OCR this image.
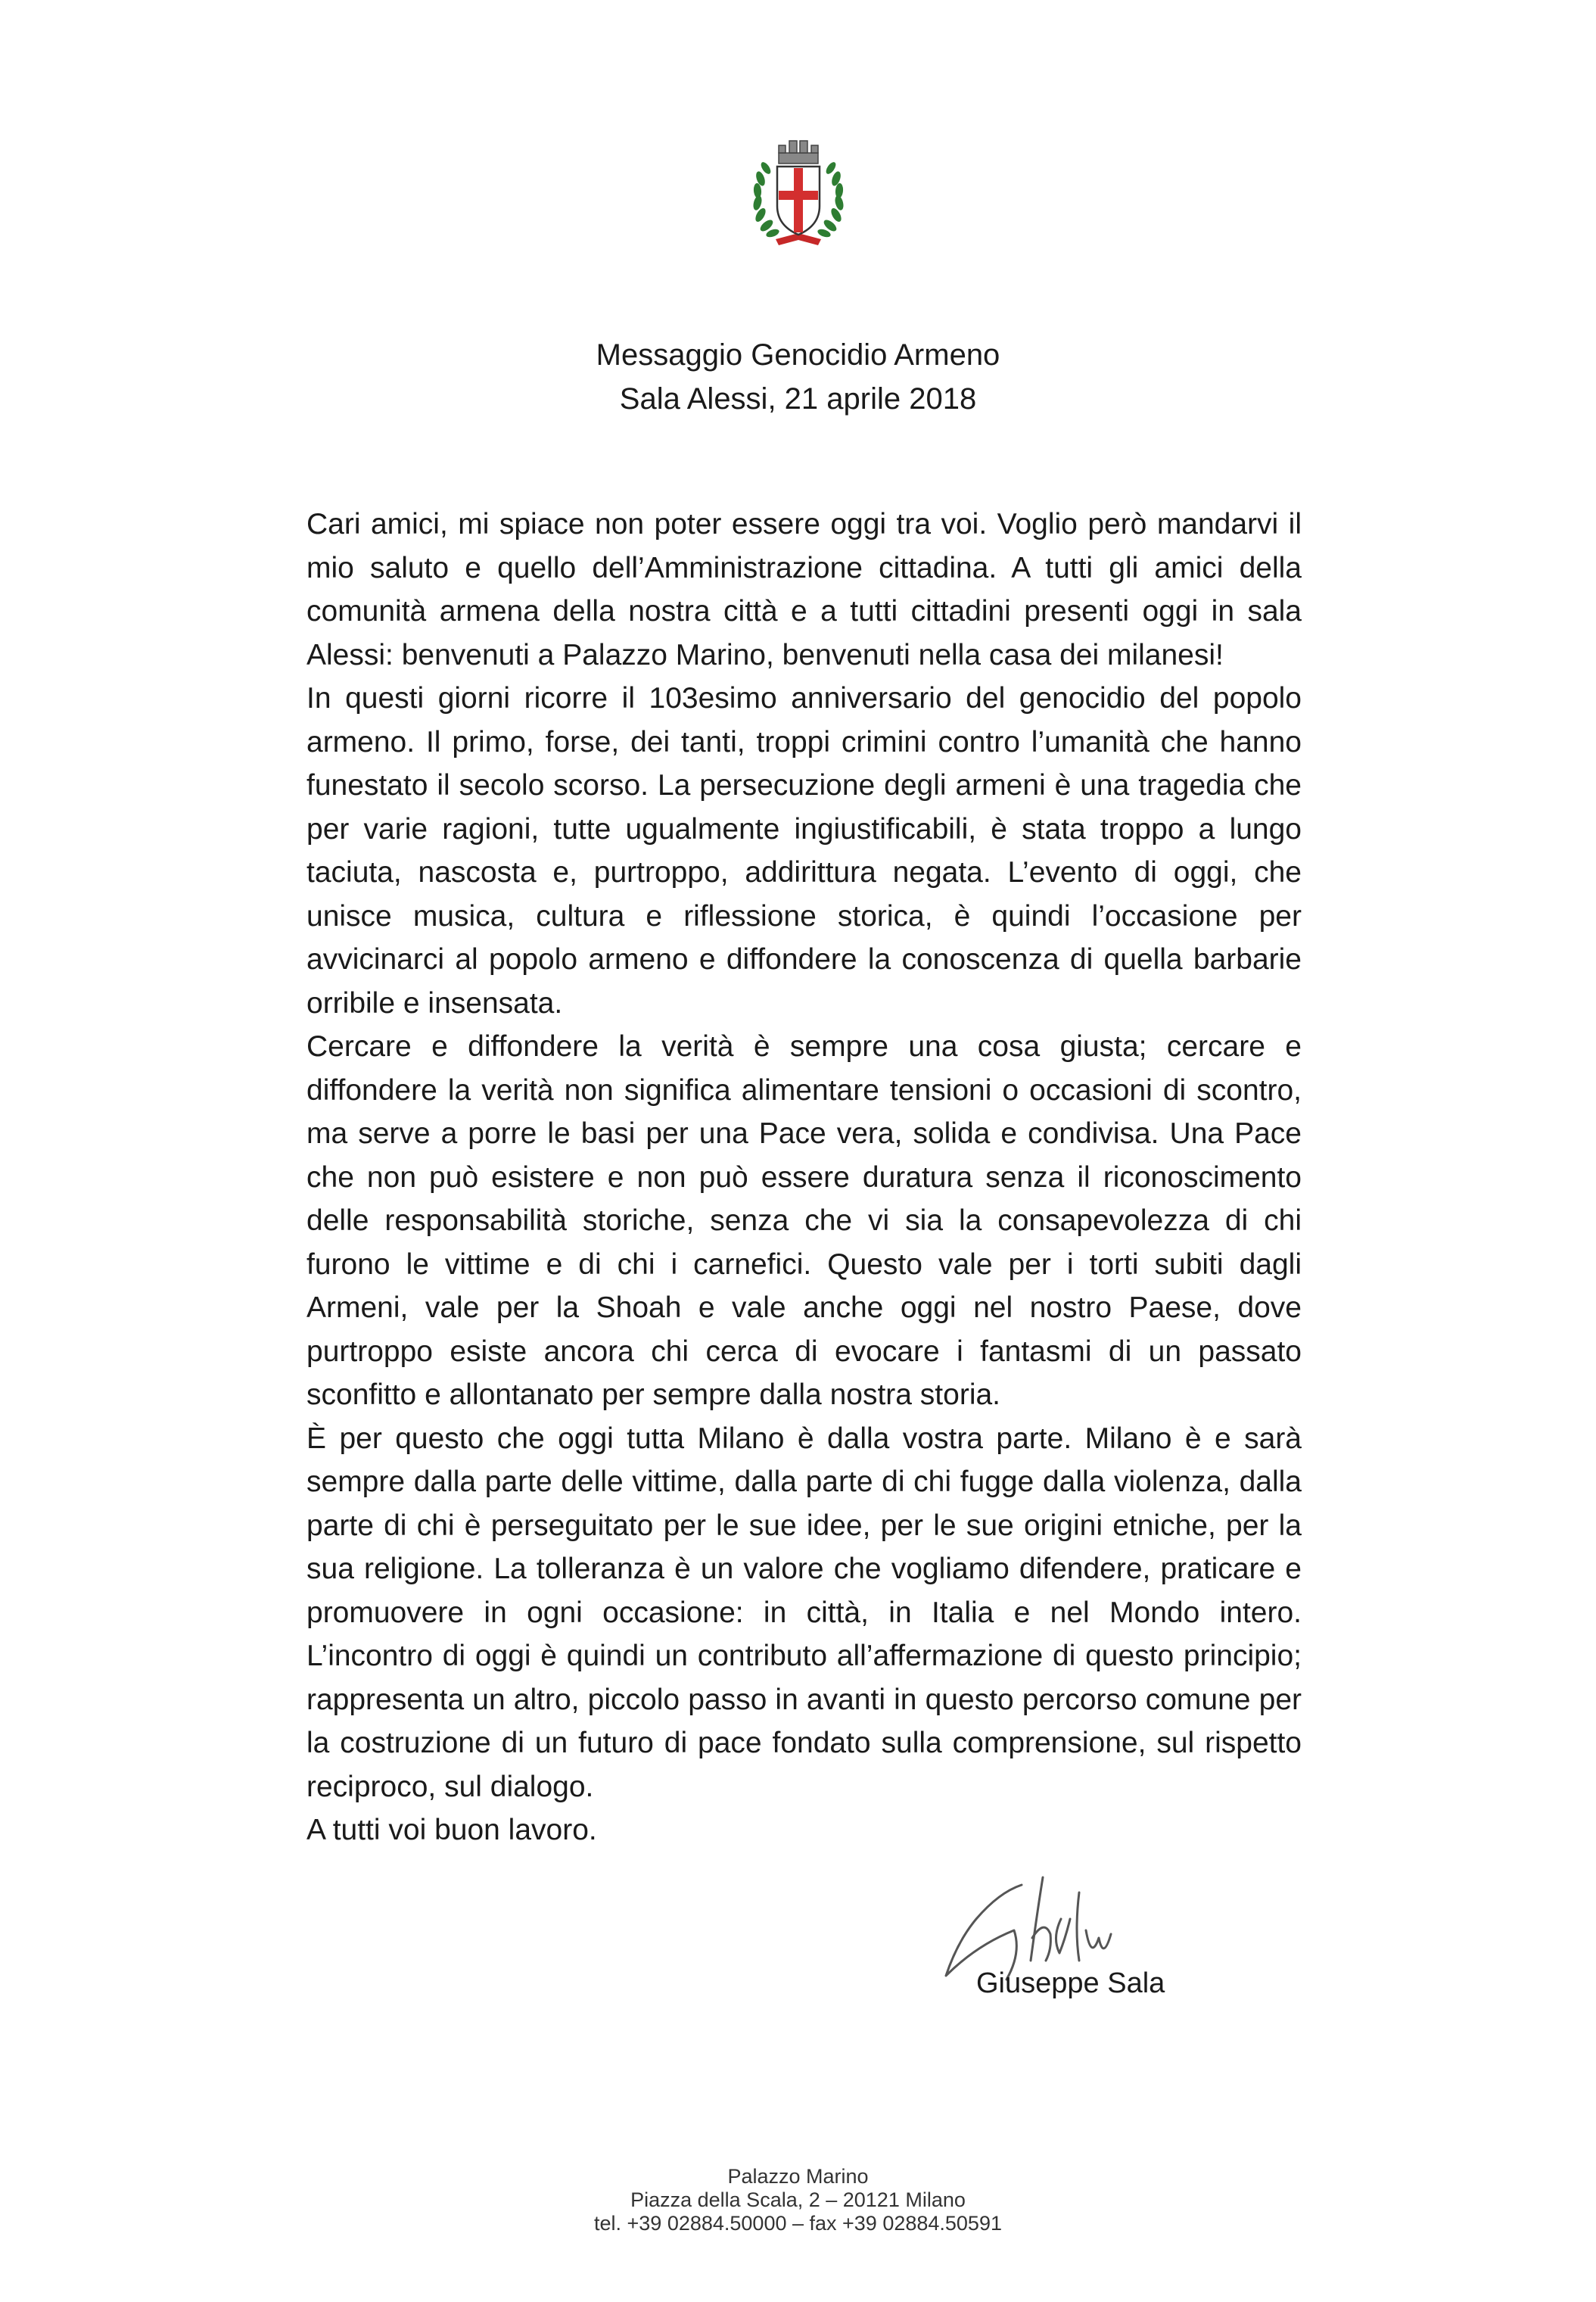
Messaggio Genocidio Armeno
Sala Alessi, 21 aprile 2018

Cari amici, mi spiace non poter essere oggi tra voi. Voglio però mandarvi il mio saluto e quello dell’Amministrazione cittadina. A tutti gli amici della comunità armena della nostra città e a tutti cittadini presenti oggi in sala Alessi: benvenuti a Palazzo Marino, benvenuti nella casa dei milanesi!

In questi giorni ricorre il 103esimo anniversario del genocidio del popolo armeno. Il primo, forse, dei tanti, troppi crimini contro l’umanità che hanno funestato il secolo scorso. La persecuzione degli armeni è una tragedia che per varie ragioni, tutte ugualmente ingiustificabili, è stata troppo a lungo taciuta, nascosta e, purtroppo, addirittura negata. L’evento di oggi, che unisce musica, cultura e riflessione storica, è quindi l’occasione per avvicinarci al popolo armeno e diffondere la conoscenza di quella barbarie orribile e insensata.

Cercare e diffondere la verità è sempre una cosa giusta; cercare e diffondere la verità non significa alimentare tensioni o occasioni di scontro, ma serve a porre le basi per una Pace vera, solida e condivisa. Una Pace che non può esistere e non può essere duratura senza il riconoscimento delle responsabilità storiche, senza che vi sia la consapevolezza di chi furono le vittime e di chi i carnefici. Questo vale per i torti subiti dagli Armeni, vale per la Shoah e vale anche oggi nel nostro Paese, dove purtroppo esiste ancora chi cerca di evocare i fantasmi di un passato sconfitto e allontanato per sempre dalla nostra storia.

È per questo che oggi tutta Milano è dalla vostra parte. Milano è e sarà sempre dalla parte delle vittime, dalla parte di chi fugge dalla violenza, dalla parte di chi è perseguitato per le sue idee, per le sue origini etniche, per la sua religione. La tolleranza è un valore che vogliamo difendere, praticare e promuovere in ogni occasione: in città, in Italia e nel Mondo intero. L’incontro di oggi è quindi un contributo all’affermazione di questo principio; rappresenta un altro, piccolo passo in avanti in questo percorso comune per la costruzione di un futuro di pace fondato sulla comprensione, sul rispetto reciproco, sul dialogo.

A tutti voi buon lavoro.

Giuseppe Sala
Palazzo Marino
Piazza della Scala, 2 – 20121 Milano
tel. +39 02884.50000 – fax +39 02884.50591
